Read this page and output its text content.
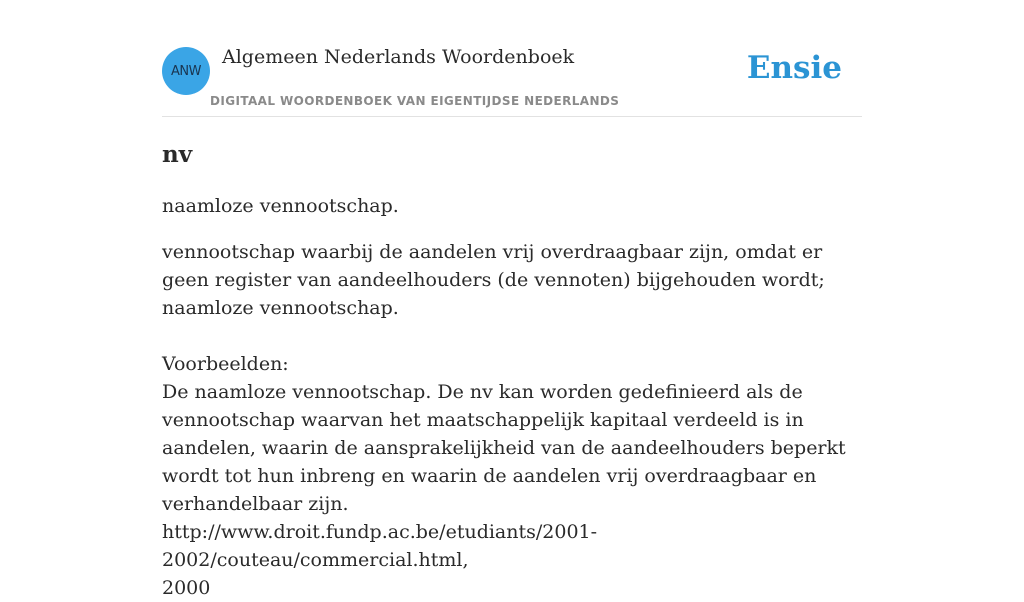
ANW
Algemeen Nederlands Woordenboek
DIGITAAL WOORDENBOEK VAN EIGENTIJDSE NEDERLANDS
Ensie
nv

naamloze vennootschap.

vennootschap waarbij de aandelen vrij overdraagbaar zijn, omdat er geen register van aandeelhouders (de vennoten) bijgehouden wordt; naamloze vennootschap.

Voorbeelden:

De naamloze vennootschap. De nv kan worden gedefinieerd als de vennootschap waarvan het maatschappelijk kapitaal verdeeld is in aandelen, waarin de aansprakelijkheid van de aandeelhouders beperkt wordt tot hun inbreng en waarin de aandelen vrij overdraagbaar en verhandelbaar zijn.

http://www.droit.fundp.ac.be/etudiants/2001-2002/couteau/commercial.html,

2000
